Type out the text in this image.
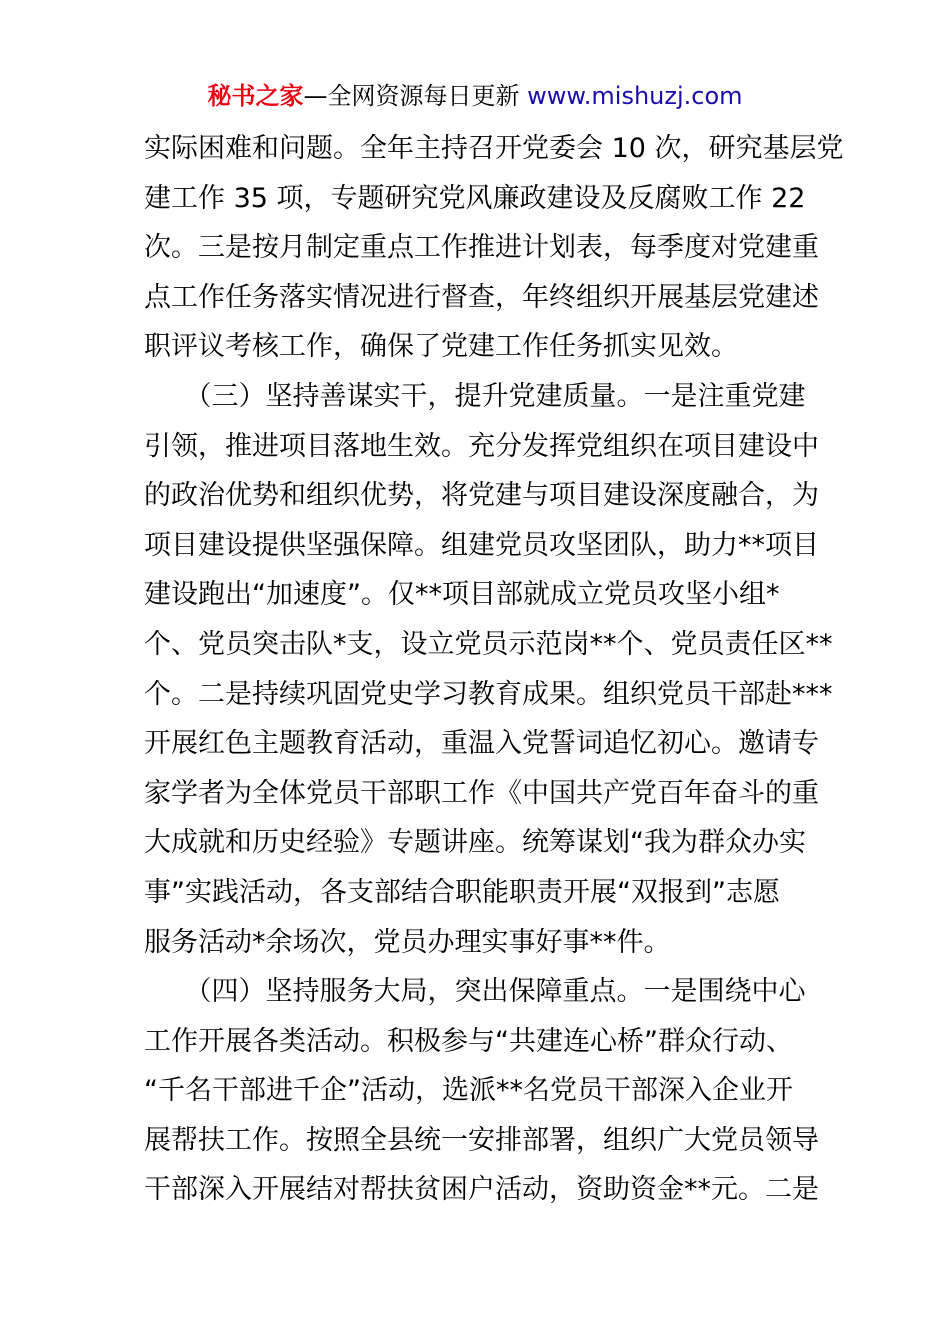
秘书之家—全网资源每日更新 www.mishuzj.com
实际困难和问题。全年主持召开党委会 10 次，研究基层党
建工作 35 项，专题研究党风廉政建设及反腐败工作 22
次。三是按月制定重点工作推进计划表，每季度对党建重
点工作任务落实情况进行督查，年终组织开展基层党建述
职评议考核工作，确保了党建工作任务抓实见效。
　　（三）坚持善谋实干，提升党建质量。一是注重党建
引领，推进项目落地生效。充分发挥党组织在项目建设中
的政治优势和组织优势，将党建与项目建设深度融合，为
项目建设提供坚强保障。组建党员攻坚团队，助力**项目
建设跑出“加速度”。仅**项目部就成立党员攻坚小组*
个、党员突击队*支，设立党员示范岗**个、党员责任区**
个。二是持续巩固党史学习教育成果。组织党员干部赴***
开展红色主题教育活动，重温入党誓词追忆初心。邀请专
家学者为全体党员干部职工作《中国共产党百年奋斗的重
大成就和历史经验》专题讲座。统筹谋划“我为群众办实
事”实践活动，各支部结合职能职责开展“双报到”志愿
服务活动*余场次，党员办理实事好事**件。
　　（四）坚持服务大局，突出保障重点。一是围绕中心
工作开展各类活动。积极参与“共建连心桥”群众行动、
“千名干部进千企”活动，选派**名党员干部深入企业开
展帮扶工作。按照全县统一安排部署，组织广大党员领导
干部深入开展结对帮扶贫困户活动，资助资金**元。二是
